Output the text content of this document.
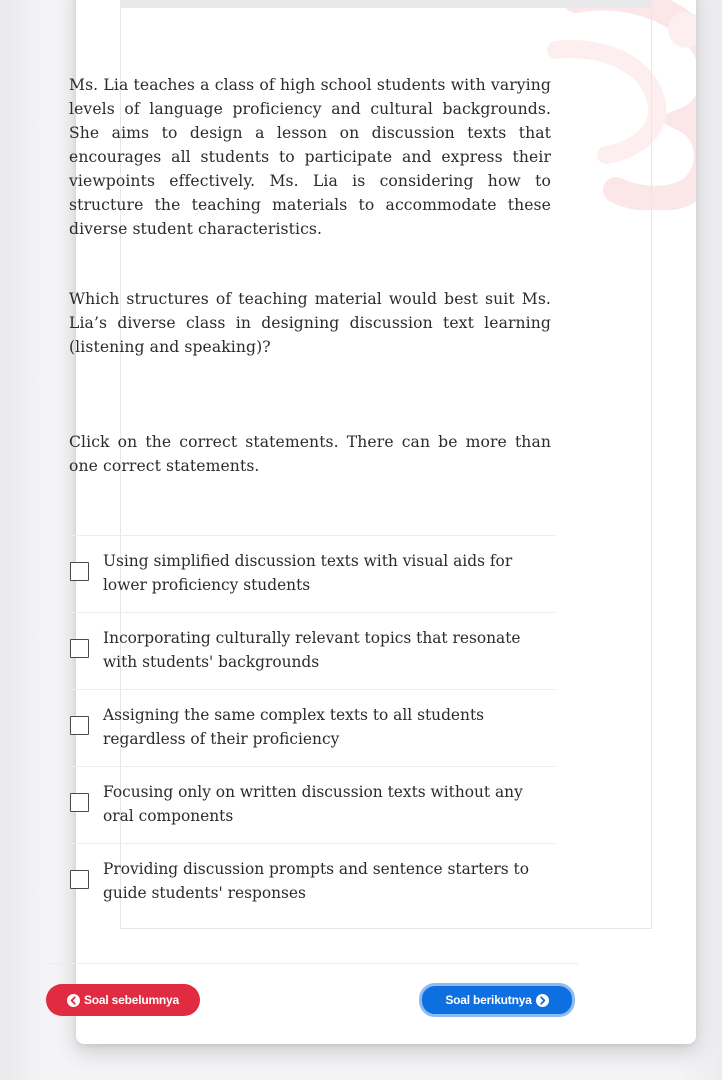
Ms. Lia teaches a class of high school students with varying levels of language proficiency and cultural backgrounds. She aims to design a lesson on discussion texts that encourages all students to participate and express their viewpoints effectively. Ms. Lia is considering how to structure the teaching materials to accommodate these diverse student characteristics.

Which structures of teaching material would best suit Ms. Lia’s diverse class in designing discussion text learning (listening and speaking)?

Click on the correct statements. There can be more than one correct statements.

Using simplified discussion texts with visual aids for lower proficiency students
Incorporating culturally relevant topics that resonate with students' backgrounds
Assigning the same complex texts to all students regardless of their proficiency
Focusing only on written discussion texts without any oral components
Providing discussion prompts and sentence starters to guide students' responses
Soal sebelumnya	Soal berikutnya
